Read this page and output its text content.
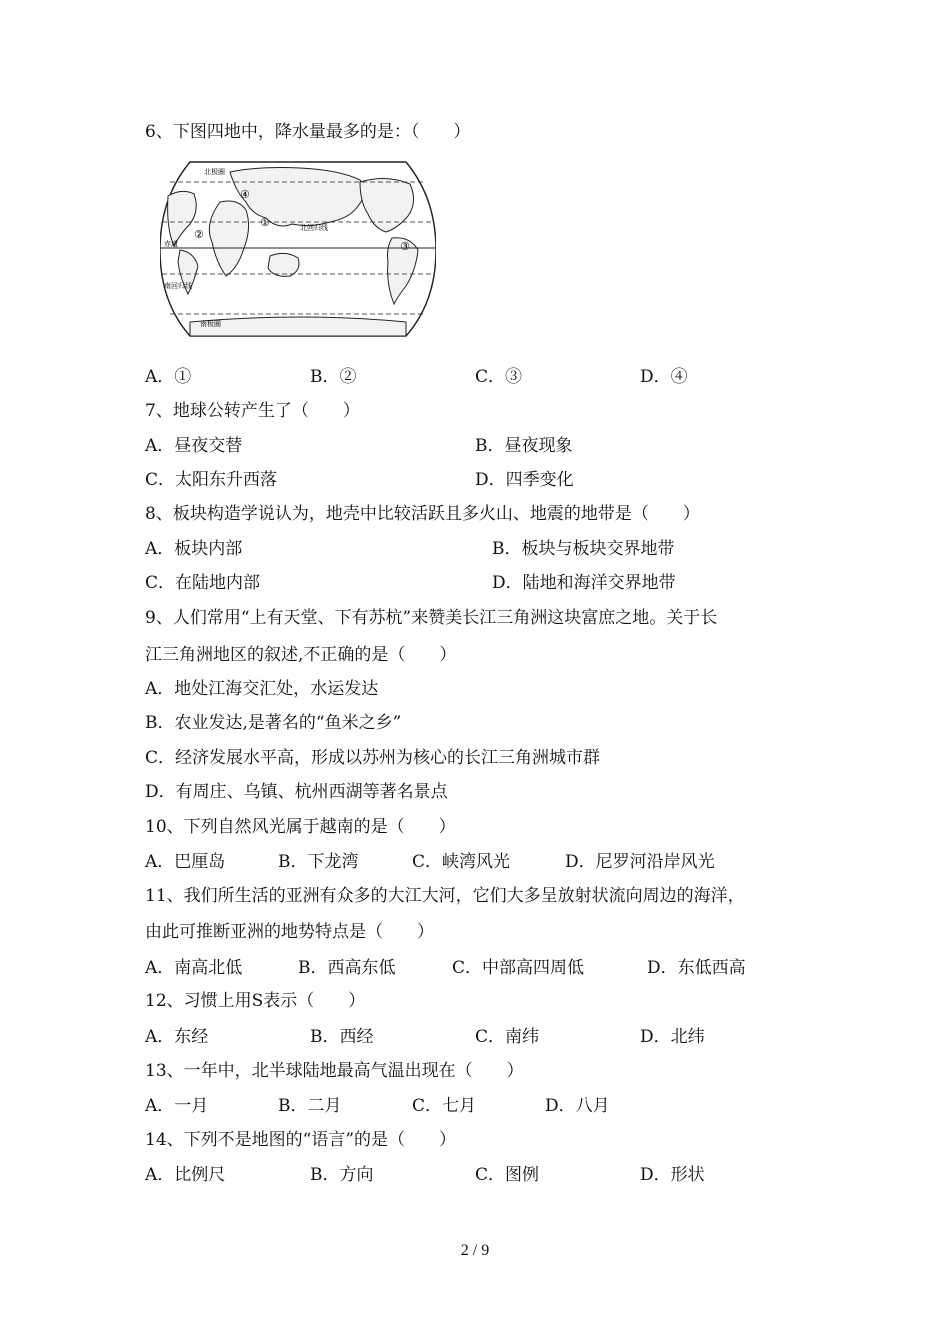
6、下图四地中，降水量最多的是：（　　）
北极圈
北回归线
赤道
南回归线
南极圈
①
②
③
④
A．①	B．②	C．③	D．④
7、地球公转产生了（　　）
A．昼夜交替	B．昼夜现象
C．太阳东升西落	D．四季变化
8、板块构造学说认为，地壳中比较活跃且多火山、地震的地带是（　　）
A．板块内部	B．板块与板块交界地带
C．在陆地内部	D．陆地和海洋交界地带
9、人们常用“上有天堂、下有苏杭”来赞美长江三角洲这块富庶之地。关于长
江三角洲地区的叙述,不正确的是（　　）
A．地处江海交汇处，水运发达
B．农业发达,是著名的“鱼米之乡”
C．经济发展水平高，形成以苏州为核心的长江三角洲城市群
D．有周庄、乌镇、杭州西湖等著名景点
10、下列自然风光属于越南的是（　　）
A．巴厘岛	B．下龙湾	C．峡湾风光	D．尼罗河沿岸风光
11、我们所生活的亚洲有众多的大江大河，它们大多呈放射状流向周边的海洋，
由此可推断亚洲的地势特点是（　　）
A．南高北低	B．西高东低	C．中部高四周低	D．东低西高
12、习惯上用S表示（　　）
A．东经	B．西经	C．南纬	D．北纬
13、一年中，北半球陆地最高气温出现在（　　）
A．一月	B．二月	C．七月	D．八月
14、下列不是地图的“语言”的是（　　）
A．比例尺	B．方向	C．图例	D．形状
2 / 9
